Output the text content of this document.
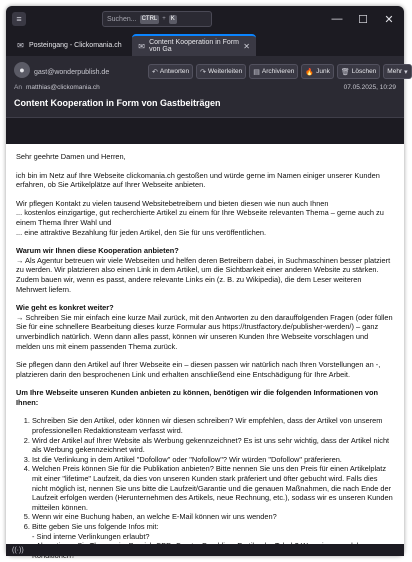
≡	Suchen... CTRL + K	—	☐	✕
✉ Posteingang - Clickomania.ch ✉ Content Kooperation in Form von Ga	✕
●	gast@wonderpublish.de	↶ Antworten ↷ Weiterleiten ▤ Archivieren 🔥 Junk 🗑 Löschen Mehr ▾
An matthias@clickomania.ch	07.05.2025, 10:29
Content Kooperation in Form von Gastbeiträgen

Sehr geehrte Damen und Herren,

ich bin im Netz auf Ihre Webseite clickomania.ch gestoßen und würde gerne im Namen einiger unserer Kunden erfahren, ob Sie Artikelplätze auf Ihrer Webseite anbieten.

Wir pflegen Kontakt zu vielen tausend Websitebetreibern und bieten diesen wie nun auch Ihnen
... kostenlos einzigartige, gut recherchierte Artikel zu einem für Ihre Webseite relevanten Thema – gerne auch zu einem Thema Ihrer Wahl und
... eine attraktive Bezahlung für jeden Artikel, den Sie für uns veröffentlichen.

Warum wir Ihnen diese Kooperation anbieten?

→ Als Agentur betreuen wir viele Webseiten und helfen deren Betreibern dabei, in Suchmaschinen besser platziert zu werden. Wir platzieren also einen Link in dem Artikel, um die Sichtbarkeit einer anderen Website zu stärken. Zudem bauen wir, wenn es passt, andere relevante Links ein (z. B. zu Wikipedia), die dem Leser weiteren Mehrwert liefern.

Wie geht es konkret weiter?

→ Schreiben Sie mir einfach eine kurze Mail zurück, mit den Antworten zu den darauffolgenden Fragen (oder füllen Sie für eine schnellere Bearbeitung dieses kurze Formular aus https://trustfactory.de/publisher-werden/) – ganz unverbindlich natürlich. Wenn dann alles passt, können wir unseren Kunden Ihre Webseite vorschlagen und melden uns mit einem passenden Thema zurück.

Sie pflegen dann den Artikel auf Ihrer Webseite ein – diesen passen wir natürlich nach Ihren Vorstellungen an -, platzieren darin den besprochenen Link und erhalten anschließend eine Entschädigung für Ihre Arbeit.

Um Ihre Webseite unseren Kunden anbieten zu können, benötigen wir die folgenden Informationen von Ihnen:

1. Schreiben Sie den Artikel, oder können wir diesen schreiben? Wir empfehlen, dass der Artikel von unserem professionellen Redaktionsteam verfasst wird.
2. Wird der Artikel auf Ihrer Website als Werbung gekennzeichnet? Es ist uns sehr wichtig, dass der Artikel nicht als Werbung gekennzeichnet wird.
3. Ist die Verlinkung in dem Artikel "Dofollow" oder "Nofollow"? Wir würden "Dofollow" präferieren.
4. Welchen Preis können Sie für die Publikation anbieten? Bitte nennen Sie uns den Preis für einen Artikelplatz mit einer "lifetime" Laufzeit, da dies von unseren Kunden stark präferiert und öfter gebucht wird. Falls dies nicht möglich ist, nennen Sie uns bitte die Laufzeit/Garantie und die genauen Maßnahmen, die nach Ende der Laufzeit erfolgen werden (Herunternehmen des Artikels, neue Rechnung, etc.), sodass wir es unseren Kunden mitteilen können.
5. Wenn wir eine Buchung haben, an welche E-Mail können wir uns wenden?
6. Bitte geben Sie uns folgende Infos mit:
- Sind interne Verlinkungen erlaubt?

((·))
